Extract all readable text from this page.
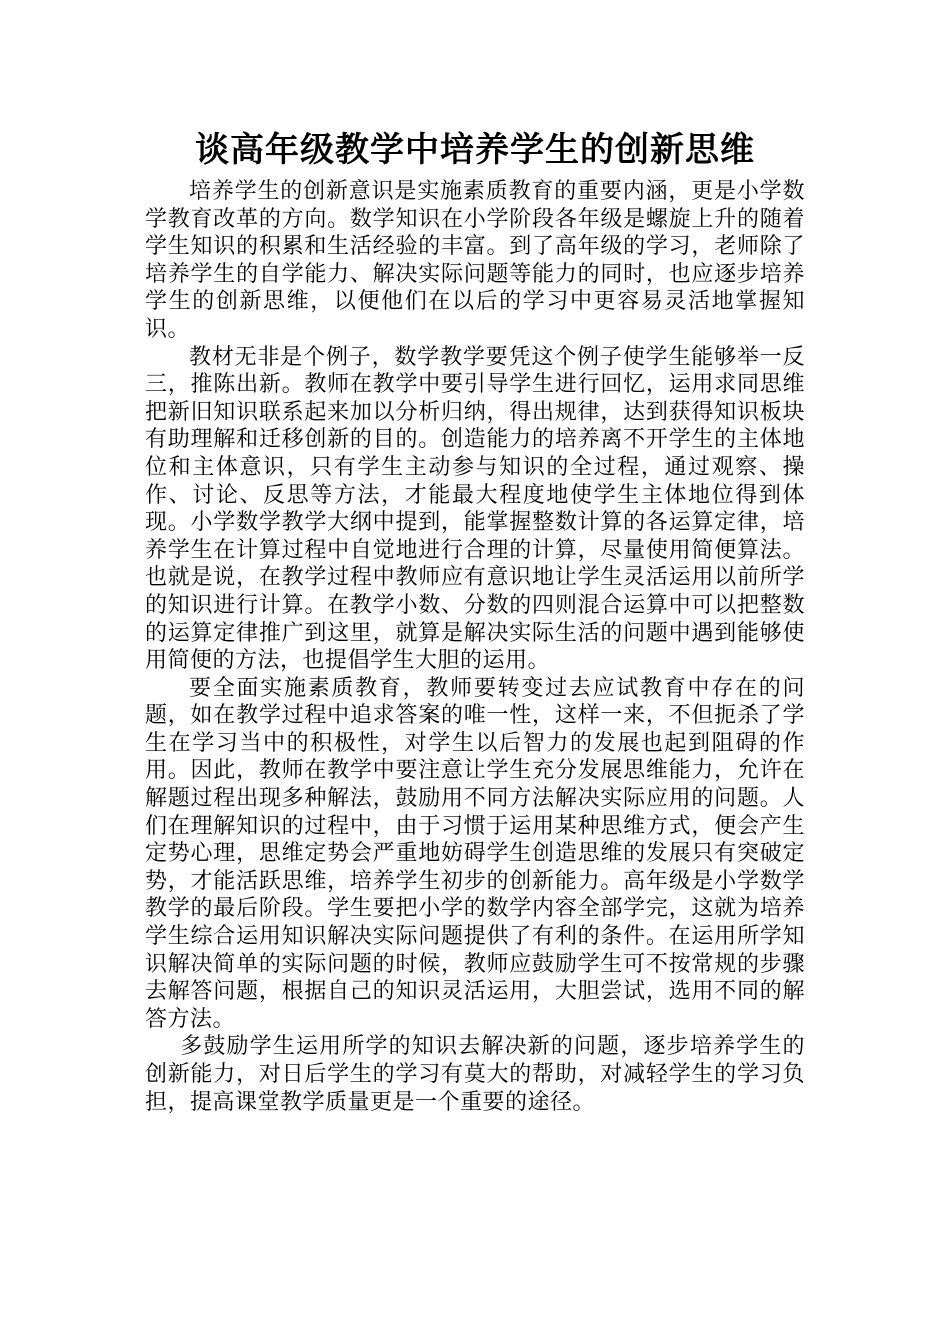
谈高年级教学中培养学生的创新思维

培养学生的创新意识是实施素质教育的重要内涵，更是小学数学教育改革的方向。数学知识在小学阶段各年级是螺旋上升的随着学生知识的积累和生活经验的丰富。到了高年级的学习，老师除了培养学生的自学能力、解决实际问题等能力的同时，也应逐步培养学生的创新思维，以便他们在以后的学习中更容易灵活地掌握知识。

教材无非是个例子，数学教学要凭这个例子使学生能够举一反三，推陈出新。教师在教学中要引导学生进行回忆，运用求同思维把新旧知识联系起来加以分析归纳，得出规律，达到获得知识板块有助理解和迁移创新的目的。创造能力的培养离不开学生的主体地位和主体意识，只有学生主动参与知识的全过程，通过观察、操作、讨论、反思等方法，才能最大程度地使学生主体地位得到体现。小学数学教学大纲中提到，能掌握整数计算的各运算定律，培养学生在计算过程中自觉地进行合理的计算，尽量使用简便算法。也就是说，在教学过程中教师应有意识地让学生灵活运用以前所学的知识进行计算。在教学小数、分数的四则混合运算中可以把整数的运算定律推广到这里，就算是解决实际生活的问题中遇到能够使用简便的方法，也提倡学生大胆的运用。

要全面实施素质教育，教师要转变过去应试教育中存在的问题，如在教学过程中追求答案的唯一性，这样一来，不但扼杀了学生在学习当中的积极性，对学生以后智力的发展也起到阻碍的作用。因此，教师在教学中要注意让学生充分发展思维能力，允许在解题过程出现多种解法，鼓励用不同方法解决实际应用的问题。人们在理解知识的过程中，由于习惯于运用某种思维方式，便会产生定势心理，思维定势会严重地妨碍学生创造思维的发展只有突破定势，才能活跃思维，培养学生初步的创新能力。高年级是小学数学教学的最后阶段。学生要把小学的数学内容全部学完，这就为培养学生综合运用知识解决实际问题提供了有利的条件。在运用所学知识解决简单的实际问题的时候，教师应鼓励学生可不按常规的步骤去解答问题，根据自己的知识灵活运用，大胆尝试，选用不同的解答方法。

多鼓励学生运用所学的知识去解决新的问题，逐步培养学生的创新能力，对日后学生的学习有莫大的帮助，对减轻学生的学习负担，提高课堂教学质量更是一个重要的途径。
